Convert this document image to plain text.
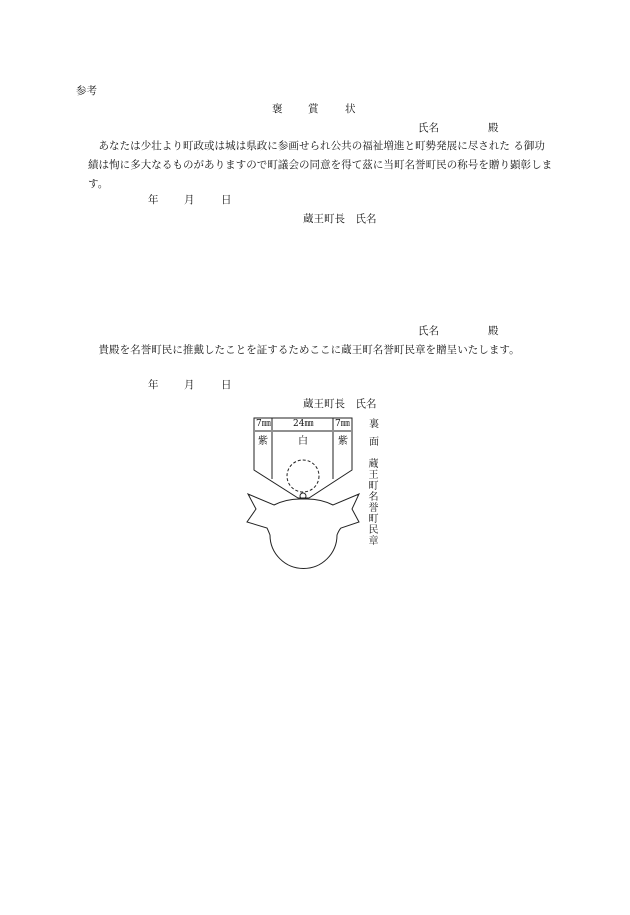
参考
褒 賞	状
氏名	殿
あなたは少壮より町政或は城は県政に参画せられ公共の福祉増進と町勢発展に尽された る御功績は恂に多大なるものがありますので町議会の同意を得て茲に当町名誉町民の称号を贈り顕彰します。
年 月	日
蔵王町長　氏名
氏名	殿
貴殿を名誉町民に推戴したことを証するためここに蔵王町名誉町民章を贈呈いたします。
年 月	日
蔵王町長　氏名
7㎜ 24㎜ 7㎜
紫	白	紫
裏
面
蔵王町名誉町民章
